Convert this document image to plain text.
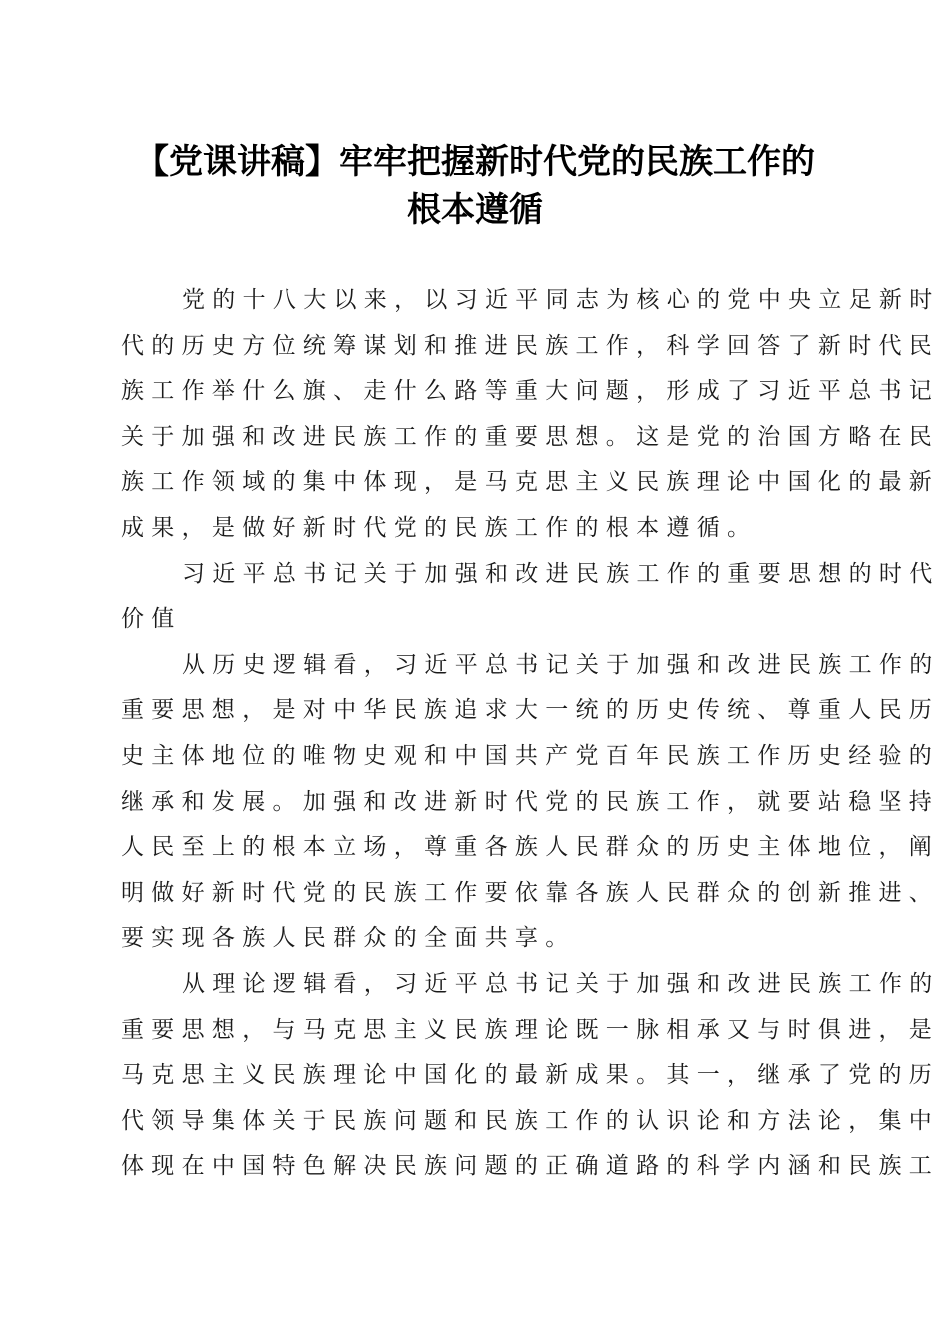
【党课讲稿】牢牢把握新时代党的民族工作的
根本遵循
党的十八大以来，以习近平同志为核心的党中央立足新时
代的历史方位统筹谋划和推进民族工作，科学回答了新时代民
族工作举什么旗、走什么路等重大问题，形成了习近平总书记
关于加强和改进民族工作的重要思想。这是党的治国方略在民
族工作领域的集中体现，是马克思主义民族理论中国化的最新
成果，是做好新时代党的民族工作的根本遵循。
习近平总书记关于加强和改进民族工作的重要思想的时代
价值
从历史逻辑看，习近平总书记关于加强和改进民族工作的
重要思想，是对中华民族追求大一统的历史传统、尊重人民历
史主体地位的唯物史观和中国共产党百年民族工作历史经验的
继承和发展。加强和改进新时代党的民族工作，就要站稳坚持
人民至上的根本立场，尊重各族人民群众的历史主体地位，阐
明做好新时代党的民族工作要依靠各族人民群众的创新推进、
要实现各族人民群众的全面共享。
从理论逻辑看，习近平总书记关于加强和改进民族工作的
重要思想，与马克思主义民族理论既一脉相承又与时俱进，是
马克思主义民族理论中国化的最新成果。其一，继承了党的历
代领导集体关于民族问题和民族工作的认识论和方法论，集中
体现在中国特色解决民族问题的正确道路的科学内涵和民族工
